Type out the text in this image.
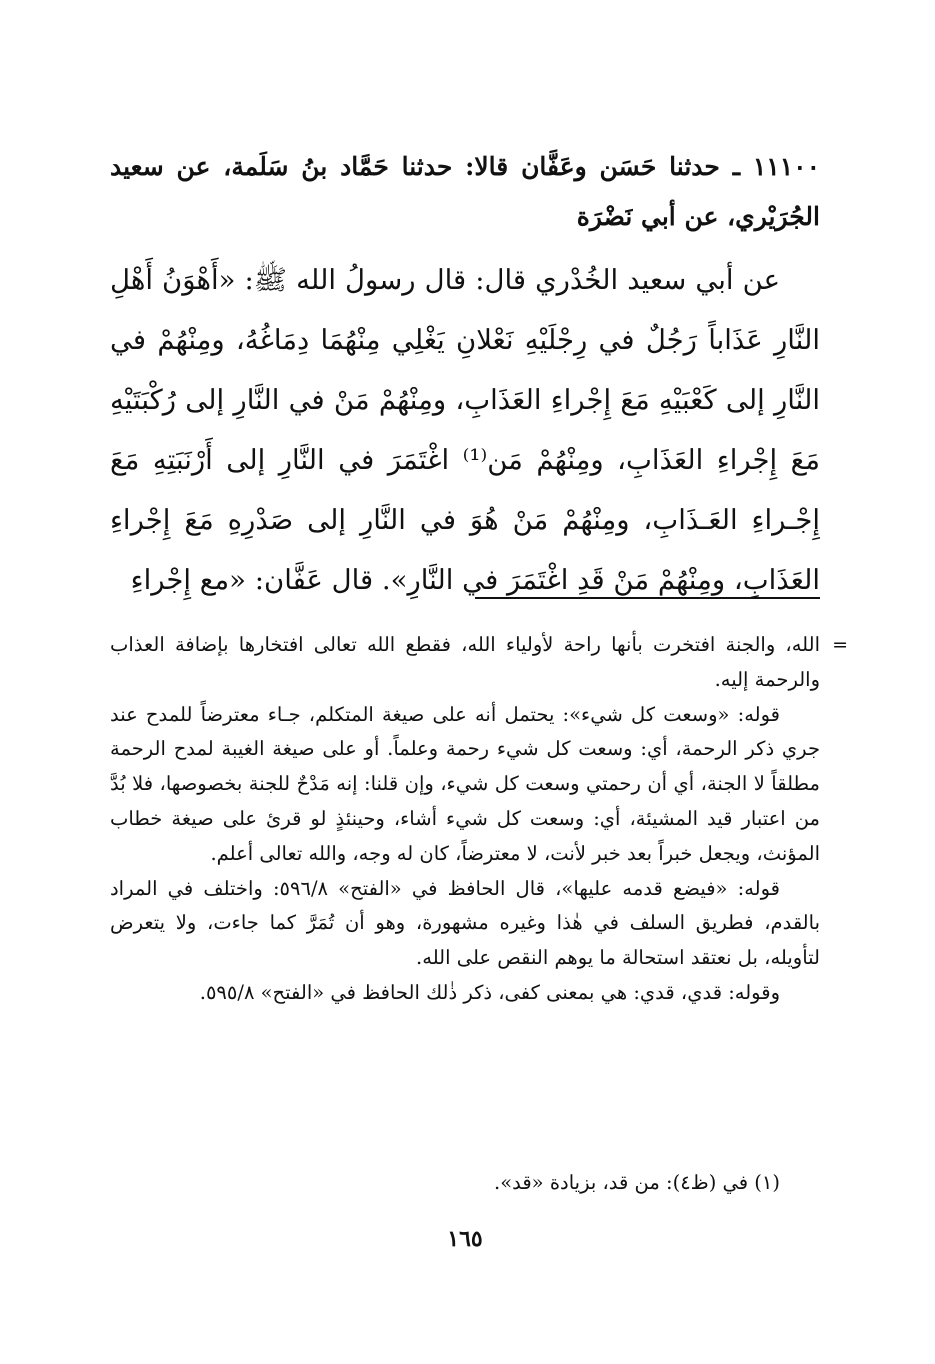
١١١٠٠ ـ حدثنا حَسَن وعَفَّان قالا: حدثنا حَمَّاد بنُ سَلَمة، عن سعيد الجُرَيْري، عن أبي نَضْرَة
عن أبي سعيد الخُدْري قال: قال رسولُ الله ﷺ: «أَهْوَنُ أَهْلِ النَّارِ عَذَاباً رَجُلٌ في رِجْلَيْهِ نَعْلانِ يَغْلِي مِنْهُمَا دِمَاغُهُ، ومِنْهُمْ في النَّارِ إلى كَعْبَيْهِ مَعَ إِجْراءِ العَذَابِ، ومِنْهُمْ مَنْ في النَّارِ إلى رُكْبَتَيْهِ مَعَ إِجْراءِ العَذَابِ، ومِنْهُمْ مَن⁽¹⁾ اغْتَمَرَ في النَّارِ إلى أَرْنَبَتِهِ مَعَ إِجْـراءِ العَـذَابِ، ومِنْهُمْ مَنْ هُوَ في النَّارِ إلى صَدْرِهِ مَعَ إِجْراءِ العَذَابِ، ومِنْهُمْ مَنْ قَدِ اغْتَمَرَ في النَّارِ». قال عَفَّان: «مع إِجْراءِ
=

الله، والجنة افتخرت بأنها راحة لأولياء الله، فقطع الله تعالى افتخارها بإضافة العذاب والرحمة إليه.

قوله: «وسعت كل شيء»: يحتمل أنه على صيغة المتكلم، جـاء معترضاً للمدح عند جري ذكر الرحمة، أي: وسعت كل شيء رحمة وعلماً. أو على صيغة الغيبة لمدح الرحمة مطلقاً لا الجنة، أي أن رحمتي وسعت كل شيء، وإن قلنا: إنه مَدْحٌ للجنة بخصوصها، فلا بُدَّ من اعتبار قيد المشيئة، أي: وسعت كل شيء أشاء، وحينئذٍ لو قرئ على صيغة خطاب المؤنث، ويجعل خبراً بعد خبر لأنت، لا معترضاً، كان له وجه، والله تعالى أعلم.

قوله: «فيضع قدمه عليها»، قال الحافظ في «الفتح» ٥٩٦/٨: واختلف في المراد بالقدم، فطريق السلف في هٰذا وغيره مشهورة، وهو أن تُمَرَّ كما جاءت، ولا يتعرض لتأويله، بل نعتقد استحالة ما يوهم النقص على الله.

وقوله: قدي، قدي: هي بمعنى كفى، ذكر ذٰلك الحافظ في «الفتح» ٥٩٥/٨.

(١) في (ظ٤): من قد، بزيادة «قد».
١٦٥
